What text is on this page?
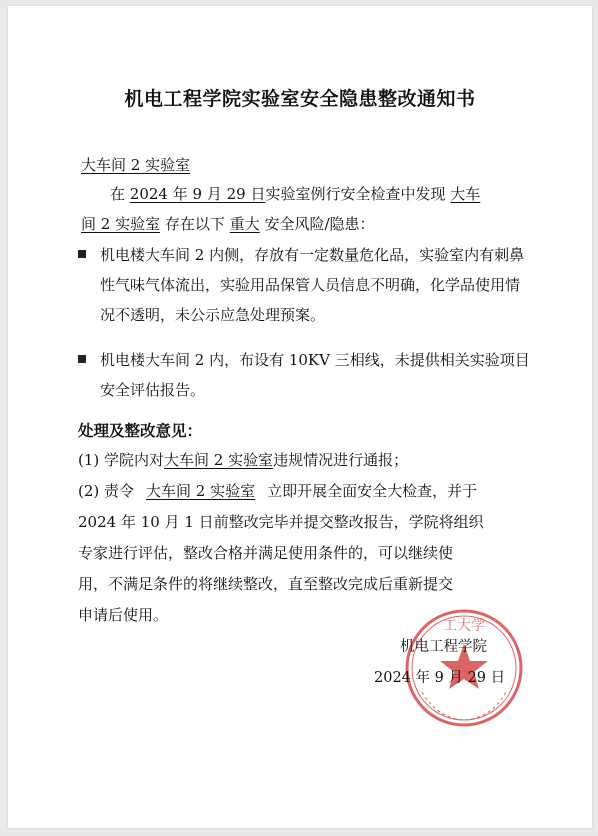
机电工程学院实验室安全隐患整改通知书
大车间 2 实验室
在 2024 年 9 月 29 日实验室例行安全检查中发现 大车
间 2 实验室 存在以下 重大 安全风险/隐患：
机电楼大车间 2 内侧，存放有一定数量危化品，实验室内有刺鼻
性气味气体流出，实验用品保管人员信息不明确，化学品使用情
况不透明，未公示应急处理预案。
机电楼大车间 2 内，布设有 10KV 三相线，未提供相关实验项目
安全评估报告。
处理及整改意见：
(1) 学院内对大车间 2 实验室违规情况进行通报；
(2) 责令 大车间 2 实验室 立即开展全面安全大检查，并于
2024 年 10 月 1 日前整改完毕并提交整改报告，学院将组织
专家进行评估，整改合格并满足使用条件的，可以继续使
用，不满足条件的将继续整改，直至整改完成后重新提交
申请后使用。
工大学
机电工程学院
2024 年 9 月 29 日
